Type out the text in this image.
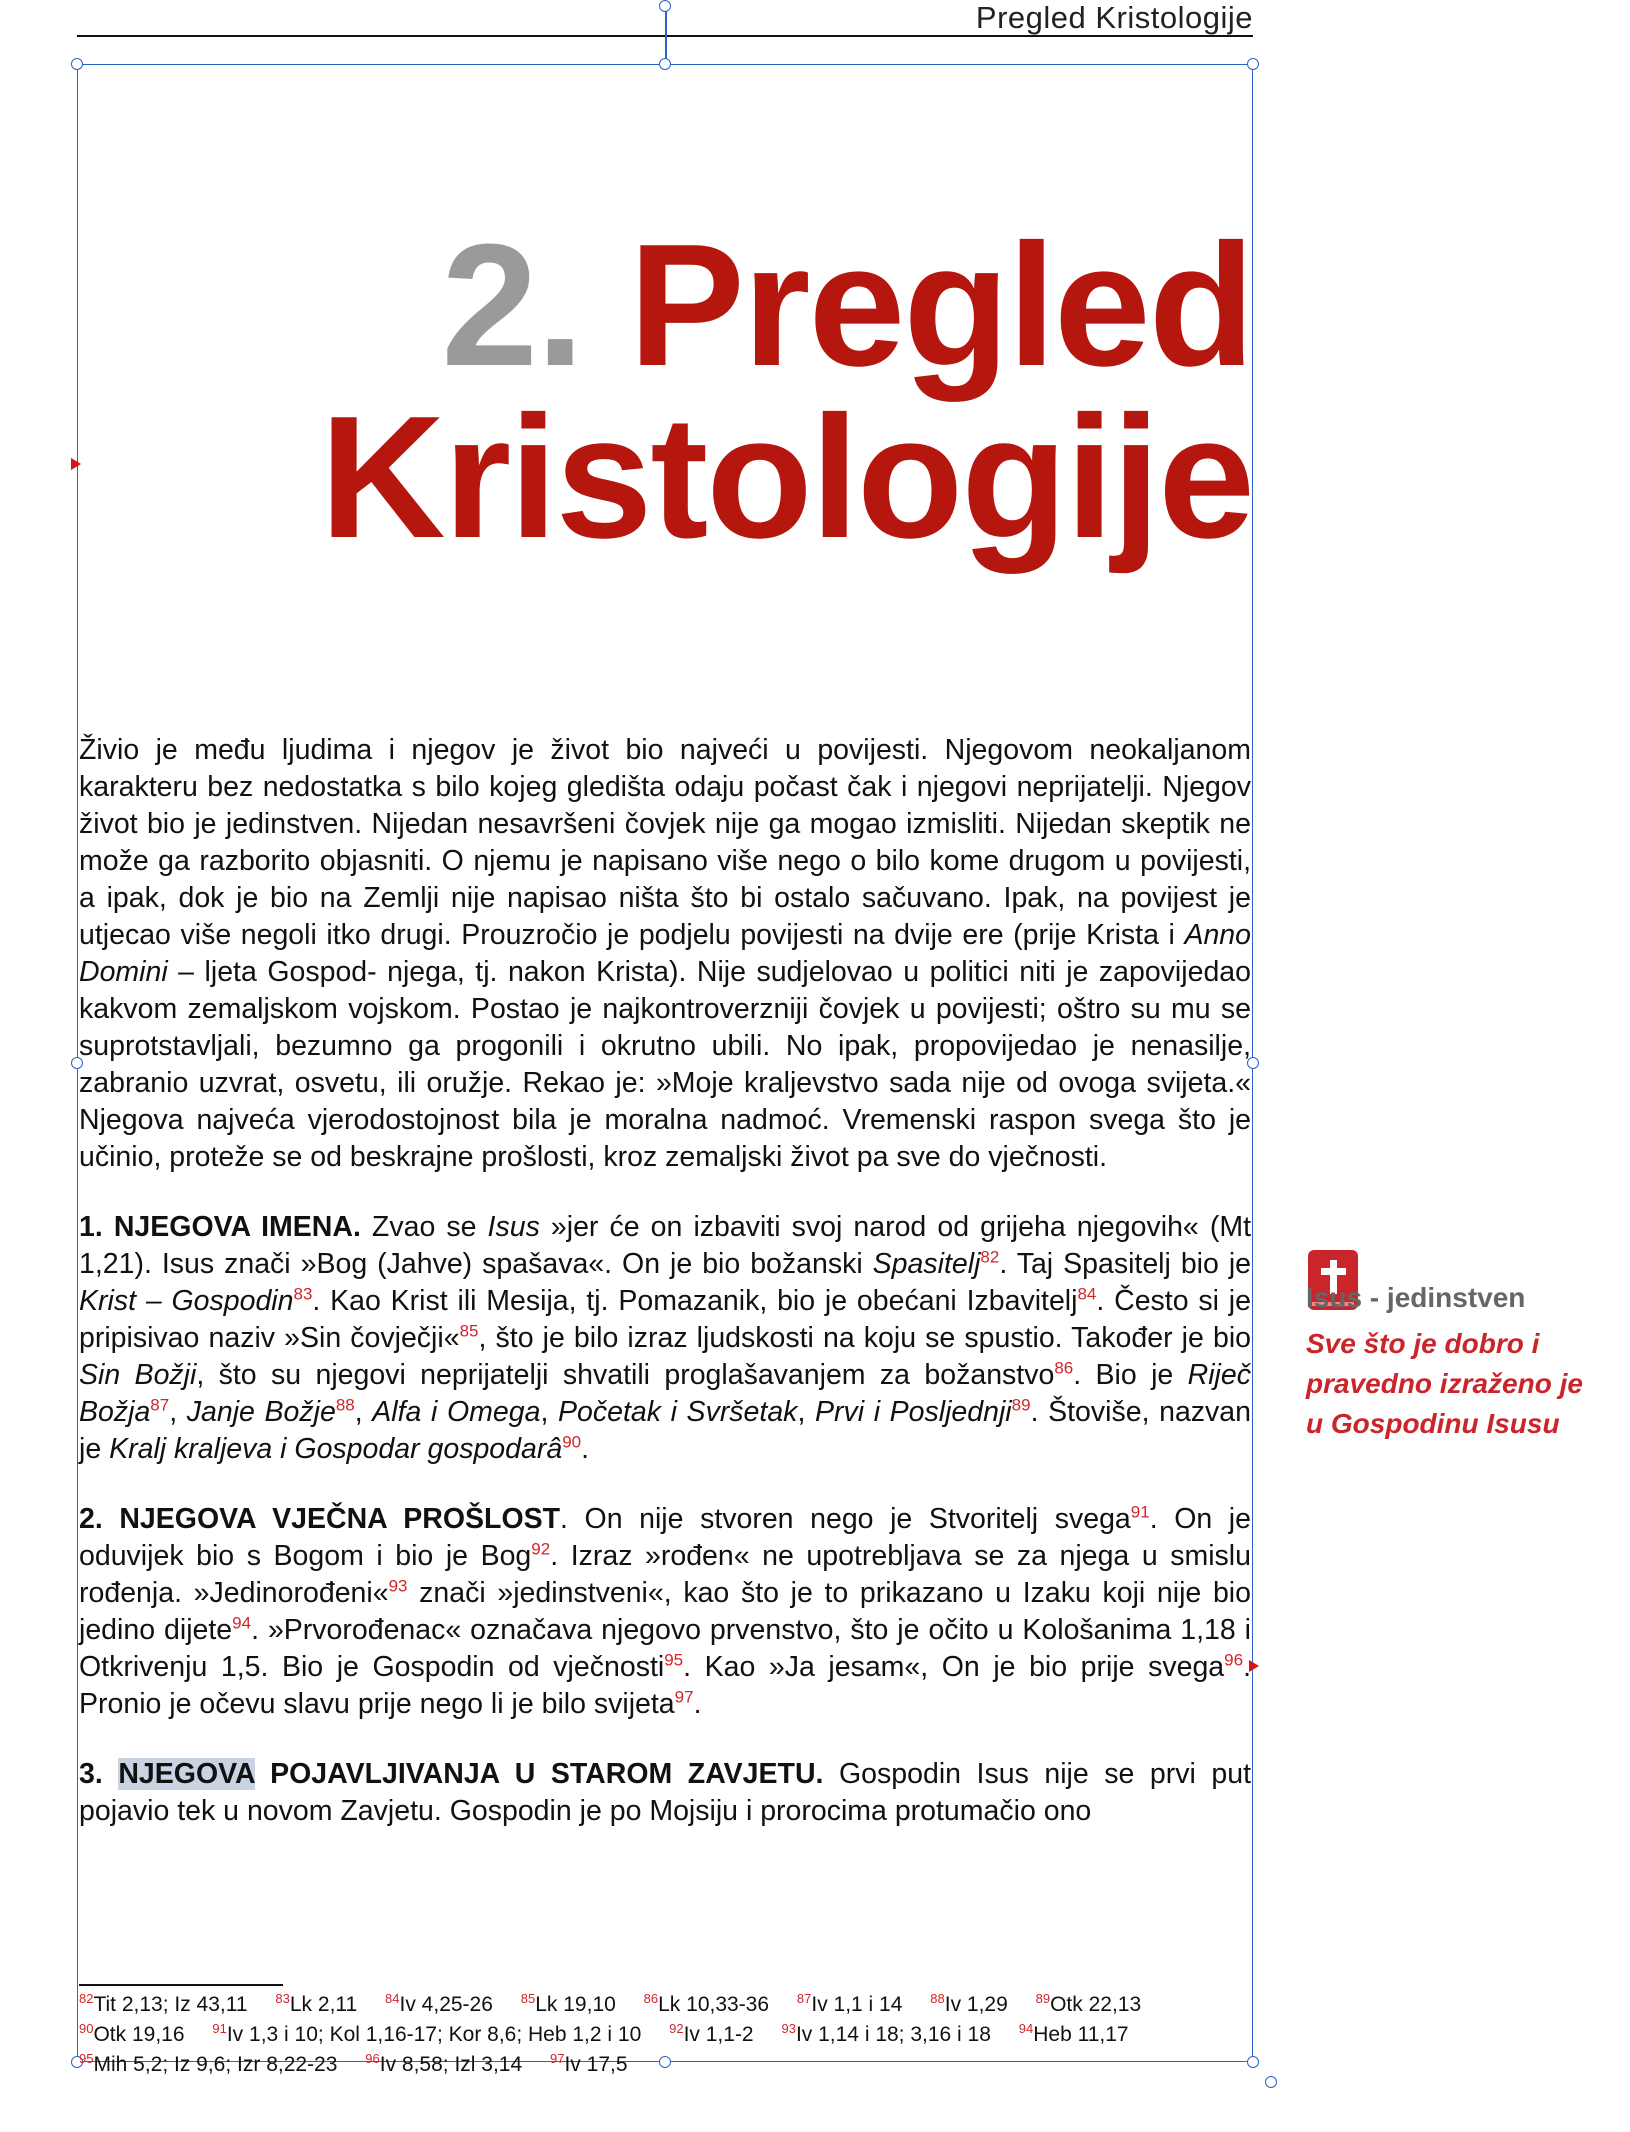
Pregled Kristologije
2. Pregled
Kristologije

Živio je među ljudima i njegov je život bio najveći u povijesti. Njegovom neokaljanom karakteru bez nedostatka s bilo kojeg gledišta odaju počast čak i njegovi neprijatelji. Njegov život bio je jedinstven. Nijedan nesavršeni čovjek nije ga mogao izmisliti. Nijedan skeptik ne može ga razborito objasniti. O njemu je napisano više nego o bilo kome drugom u povijesti, a ipak, dok je bio na Zemlji nije napisao ništa što bi ostalo sačuvano. Ipak, na povijest je utjecao više negoli itko drugi. Prouzročio je podjelu povijesti na dvije ere (prije Krista i Anno Domini – ljeta Gospod- njega, tj. nakon Krista). Nije sudjelovao u politici niti je zapovijedao kakvom zemaljskom vojskom. Postao je najkontroverzniji čovjek u povijesti; oštro su mu se suprotstavljali, bezumno ga progonili i okrutno ubili. No ipak, propovijedao je nenasilje, zabranio uzvrat, osvetu, ili oružje. Rekao je: »Moje kraljevstvo sada nije od ovoga svijeta.« Njegova najveća vjerodostojnost bila je moralna nadmoć. Vremenski raspon svega što je učinio, proteže se od beskrajne prošlosti, kroz zemaljski život pa sve do vječnosti.

1. NJEGOVA IMENA. Zvao se Isus »jer će on izbaviti svoj narod od grijeha njegovih« (Mt 1,21). Isus znači »Bog (Jahve) spašava«. On je bio božanski Spasitelj$^{82}$. Taj Spasitelj bio je Krist – Gospodin$^{83}$. Kao Krist ili Mesija, tj. Pomazanik, bio je obećani Izbavitelj$^{84}$. Često si je pripisivao naziv »Sin čovječji«$^{85}$, što je bilo izraz ljudskosti na koju se spustio. Također je bio Sin Božji, što su njegovi neprijatelji shvatili proglašavanjem za božanstvo$^{86}$. Bio je Riječ Božja$^{87}$, Janje Božje$^{88}$, Alfa i Omega, Početak i Svršetak, Prvi i Posljednji$^{89}$. Štoviše, nazvan je Kralj kraljeva i Gospodar gospodarâ$^{90}$.

2. NJEGOVA VJEČNA PROŠLOST. On nije stvoren nego je Stvoritelj svega$^{91}$. On je oduvijek bio s Bogom i bio je Bog$^{92}$. Izraz »rođen« ne upotrebljava se za njega u smislu rođenja. »Jedinorođeni«$^{93}$ znači »jedinstveni«, kao što je to prikazano u Izaku koji nije bio jedino dijete$^{94}$. »Prvorođenac« označava njegovo prvenstvo, što je očito u Kološanima 1,18 i Otkrivenju 1,5. Bio je Gospodin od vječnosti$^{95}$. Kao »Ja jesam«, On je bio prije svega$^{96}$. Pronio je očevu slavu prije nego li je bilo svijeta$^{97}$.

3. NJEGOVA POJAVLJIVANJA U STAROM ZAVJETU. Gospodin Isus nije se prvi put pojavio tek u novom Zavjetu. Gospodin je po Mojsiju i prorocima protumačio ono

$^{82}$Tit 2,13; Iz 43,11 $^{83}$Lk 2,11 $^{84}$Iv 4,25-26 $^{85}$Lk 19,10 $^{86}$Lk 10,33-36 $^{87}$Iv 1,1 i 14 $^{88}$Iv 1,29 $^{89}$Otk 22,13
$^{90}$Otk 19,16 $^{91}$Iv 1,3 i 10; Kol 1,16-17; Kor 8,6; Heb 1,2 i 10 $^{92}$Iv 1,1-2 $^{93}$Iv 1,14 i 18; 3,16 i 18 $^{94}$Heb 11,17
$^{95}$Mih 5,2; Iz 9,6; Izr 8,22-23 $^{96}$Iv 8,58; Izl 3,14 $^{97}$Iv 17,5
Isus - jedinstven
Sve što je dobro i pravedno izraženo je u Gospodinu Isusu
